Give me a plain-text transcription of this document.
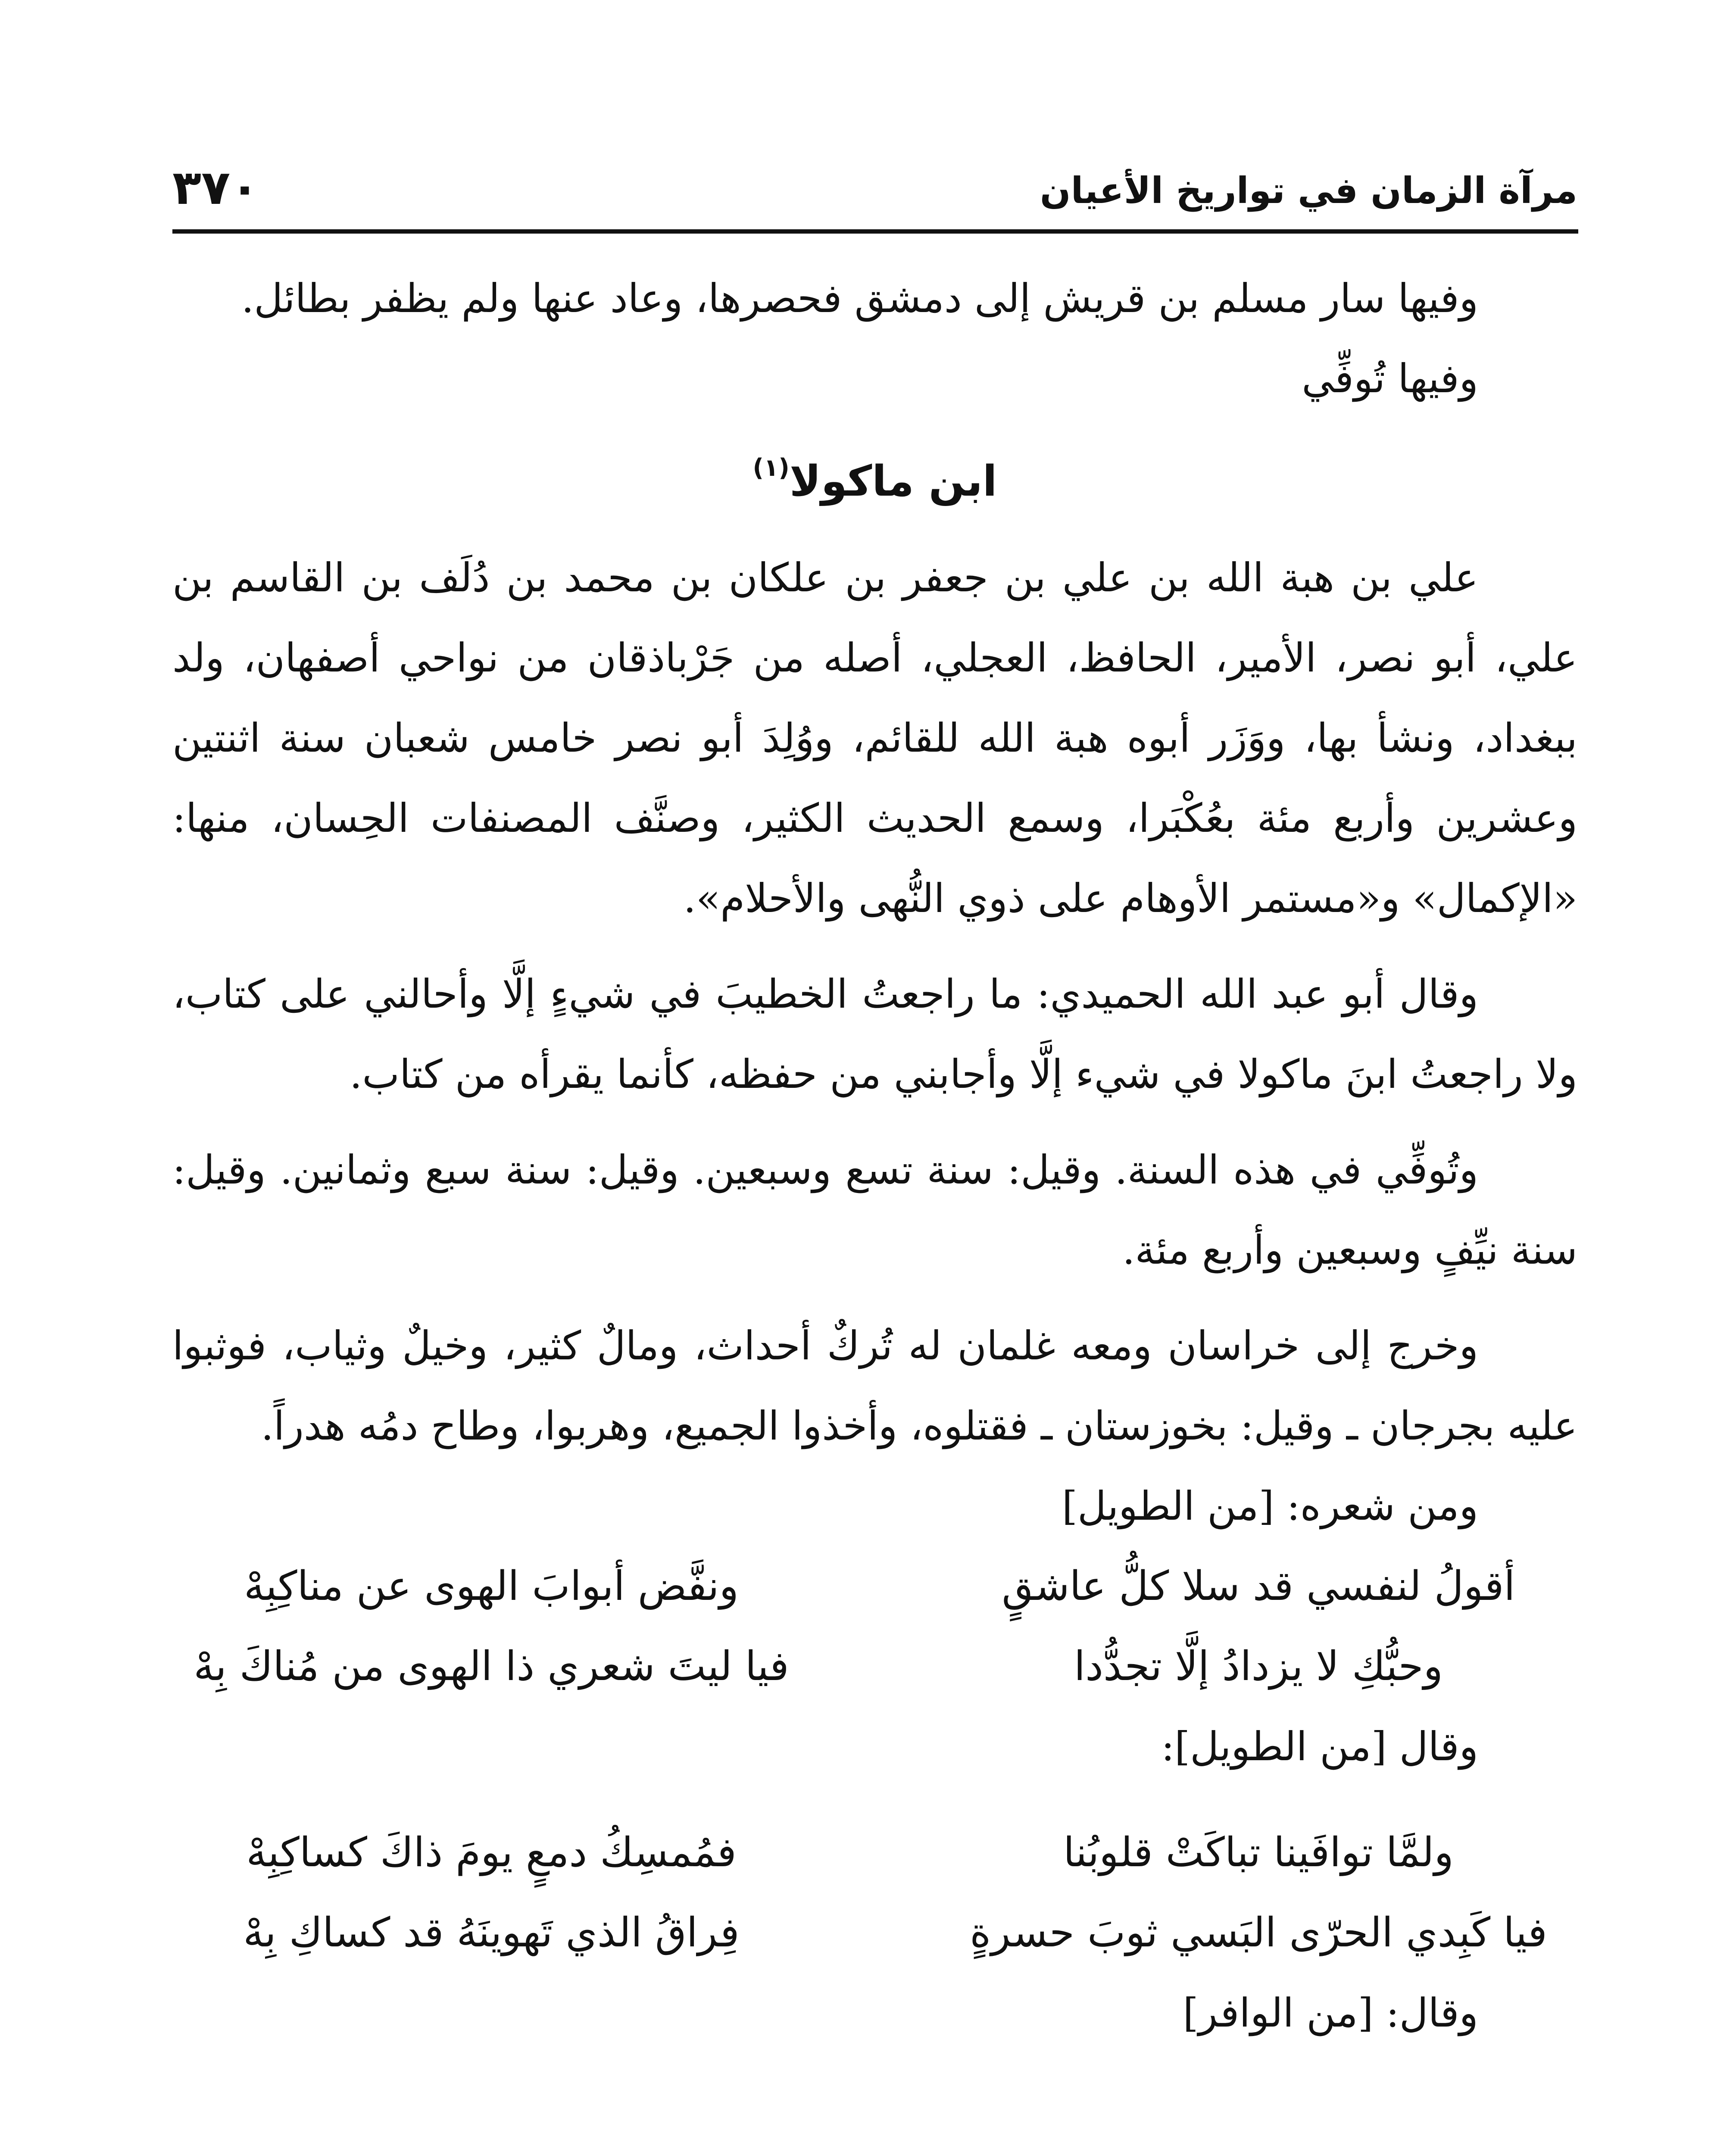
مرآة الزمان في تواريخ الأعيان
٣٧٠

وفيها سار مسلم بن قريش إلى دمشق فحصرها، وعاد عنها ولم يظفر بطائل.

وفيها تُوفِّي

ابن ماكولا$^{(١)}$

علي بن هبة الله بن علي بن جعفر بن علكان بن محمد بن دُلَف بن القاسم بن علي، أبو نصر، الأمير، الحافظ، العجلي، أصله من جَرْباذقان من نواحي أصفهان، ولد ببغداد، ونشأ بها، ووَزَر أبوه هبة الله للقائم، ووُلِدَ أبو نصر خامس شعبان سنة اثنتين وعشرين وأربع مئة بعُكْبَرا، وسمع الحديث الكثير، وصنَّف المصنفات الحِسان، منها: «الإكمال» و«مستمر الأوهام على ذوي النُّهى والأحلام».

وقال أبو عبد الله الحميدي: ما راجعتُ الخطيبَ في شيءٍ إلَّا وأحالني على كتاب، ولا راجعتُ ابنَ ماكولا في شيء إلَّا وأجابني من حفظه، كأنما يقرأه من كتاب.

وتُوفِّي في هذه السنة. وقيل: سنة تسع وسبعين. وقيل: سنة سبع وثمانين. وقيل: سنة نيِّفٍ وسبعين وأربع مئة.

وخرج إلى خراسان ومعه غلمان له تُركٌ أحداث، ومالٌ كثير، وخيلٌ وثياب، فوثبوا عليه بجرجان ـ وقيل: بخوزستان ـ فقتلوه، وأخذوا الجميع، وهربوا، وطاح دمُه هدراً.

ومن شعره: [من الطويل]

أقولُ لنفسي قد سلا كلُّ عاشقٍ
ونفَّض أبوابَ الهوى عن مناكِبِهْ
وحبُّكِ لا يزدادُ إلَّا تجدُّدا
فيا ليتَ شعري ذا الهوى من مُناكَ بِهْ

وقال [من الطويل]:

ولمَّا توافَينا تباكَتْ قلوبُنا
فمُمسِكُ دمعٍ يومَ ذاكَ كساكِبِهْ
فيا كَبِدي الحرّى البَسي ثوبَ حسرةٍ
فِراقُ الذي تَهوينَهُ قد كساكِ بِهْ

وقال: [من الوافر]
